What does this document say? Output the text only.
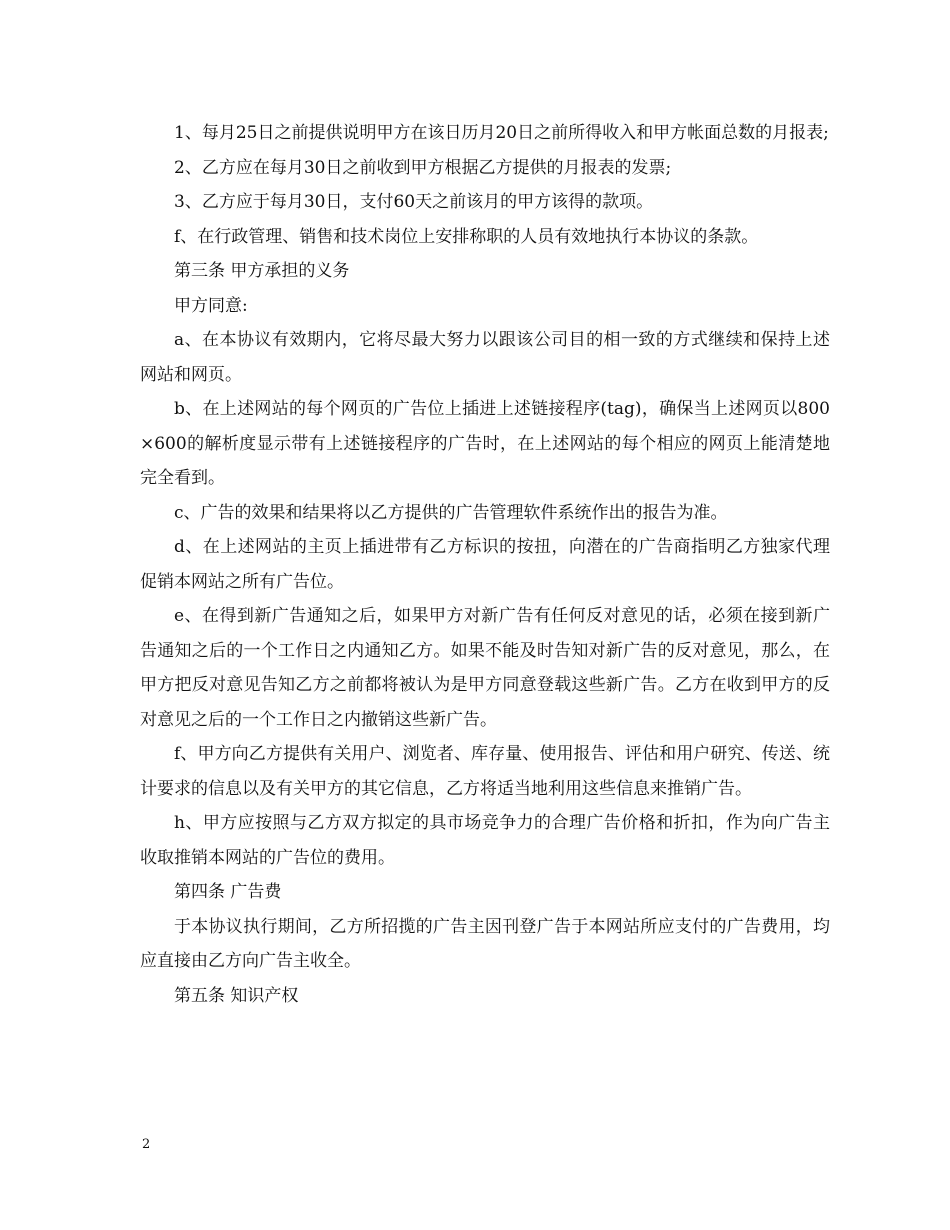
1、每月25日之前提供说明甲方在该日历月20日之前所得收入和甲方帐面总数的月报表;

2、乙方应在每月30日之前收到甲方根据乙方提供的月报表的发票;

3、乙方应于每月30日，支付60天之前该月的甲方该得的款项。

f、在行政管理、销售和技术岗位上安排称职的人员有效地执行本协议的条款。

第三条 甲方承担的义务

甲方同意:

a、在本协议有效期内，它将尽最大努力以跟该公司目的相一致的方式继续和保持上述网站和网页。

b、在上述网站的每个网页的广告位上插进上述链接程序(tag)，确保当上述网页以800×600的解析度显示带有上述链接程序的广告时，在上述网站的每个相应的网页上能清楚地完全看到。

c、广告的效果和结果将以乙方提供的广告管理软件系统作出的报告为准。

d、在上述网站的主页上插进带有乙方标识的按扭，向潜在的广告商指明乙方独家代理促销本网站之所有广告位。

e、在得到新广告通知之后，如果甲方对新广告有任何反对意见的话，必须在接到新广告通知之后的一个工作日之内通知乙方。如果不能及时告知对新广告的反对意见，那么，在甲方把反对意见告知乙方之前都将被认为是甲方同意登载这些新广告。乙方在收到甲方的反对意见之后的一个工作日之内撤销这些新广告。

f、甲方向乙方提供有关用户、浏览者、库存量、使用报告、评估和用户研究、传送、统计要求的信息以及有关甲方的其它信息，乙方将适当地利用这些信息来推销广告。

h、甲方应按照与乙方双方拟定的具市场竞争力的合理广告价格和折扣，作为向广告主收取推销本网站的广告位的费用。

第四条 广告费

于本协议执行期间，乙方所招揽的广告主因刊登广告于本网站所应支付的广告费用，均应直接由乙方向广告主收全。

第五条 知识产权

2
